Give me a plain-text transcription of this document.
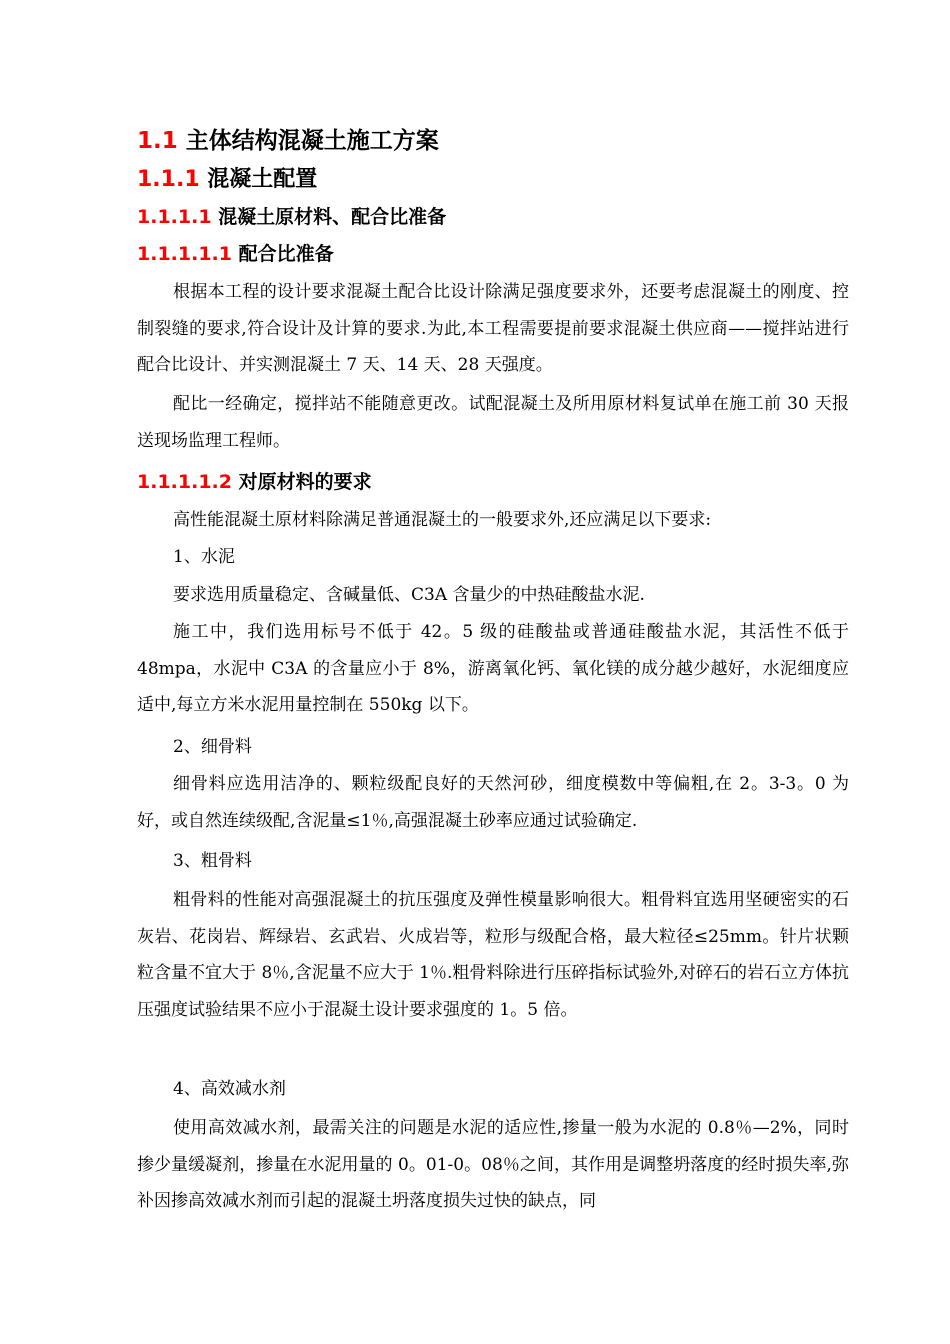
1.1 主体结构混凝土施工方案
1.1.1 混凝土配置
1.1.1.1 混凝土原材料、配合比准备
1.1.1.1.1 配合比准备

根据本工程的设计要求混凝土配合比设计除满足强度要求外，还要考虑混凝土的刚度、控制裂缝的要求,符合设计及计算的要求.为此,本工程需要提前要求混凝土供应商——搅拌站进行配合比设计、并实测混凝土 7 天、14 天、28 天强度。

配比一经确定，搅拌站不能随意更改。试配混凝土及所用原材料复试单在施工前 30 天报送现场监理工程师。

1.1.1.1.2 对原材料的要求

高性能混凝土原材料除满足普通混凝土的一般要求外,还应满足以下要求:

1、水泥

要求选用质量稳定、含碱量低、C3A 含量少的中热硅酸盐水泥.

施工中，我们选用标号不低于 42。5 级的硅酸盐或普通硅酸盐水泥，其活性不低于 48mpa，水泥中 C3A 的含量应小于 8%，游离氧化钙、氧化镁的成分越少越好，水泥细度应适中,每立方米水泥用量控制在 550kg 以下。

2、细骨料

细骨料应选用洁净的、颗粒级配良好的天然河砂，细度模数中等偏粗,在 2。3-3。0 为好，或自然连续级配,含泥量≤1％,高强混凝土砂率应通过试验确定.

3、粗骨料

粗骨料的性能对高强混凝土的抗压强度及弹性模量影响很大。粗骨料宜选用坚硬密实的石灰岩、花岗岩、辉绿岩、玄武岩、火成岩等，粒形与级配合格，最大粒径≤25mm。针片状颗粒含量不宜大于 8％,含泥量不应大于 1％.粗骨料除进行压碎指标试验外,对碎石的岩石立方体抗压强度试验结果不应小于混凝土设计要求强度的 1。5 倍。

4、高效减水剂

使用高效减水剂，最需关注的问题是水泥的适应性,掺量一般为水泥的 0.8％—2%，同时掺少量缓凝剂，掺量在水泥用量的 0。01-0。08％之间，其作用是调整坍落度的经时损失率,弥补因掺高效减水剂而引起的混凝土坍落度损失过快的缺点，同
